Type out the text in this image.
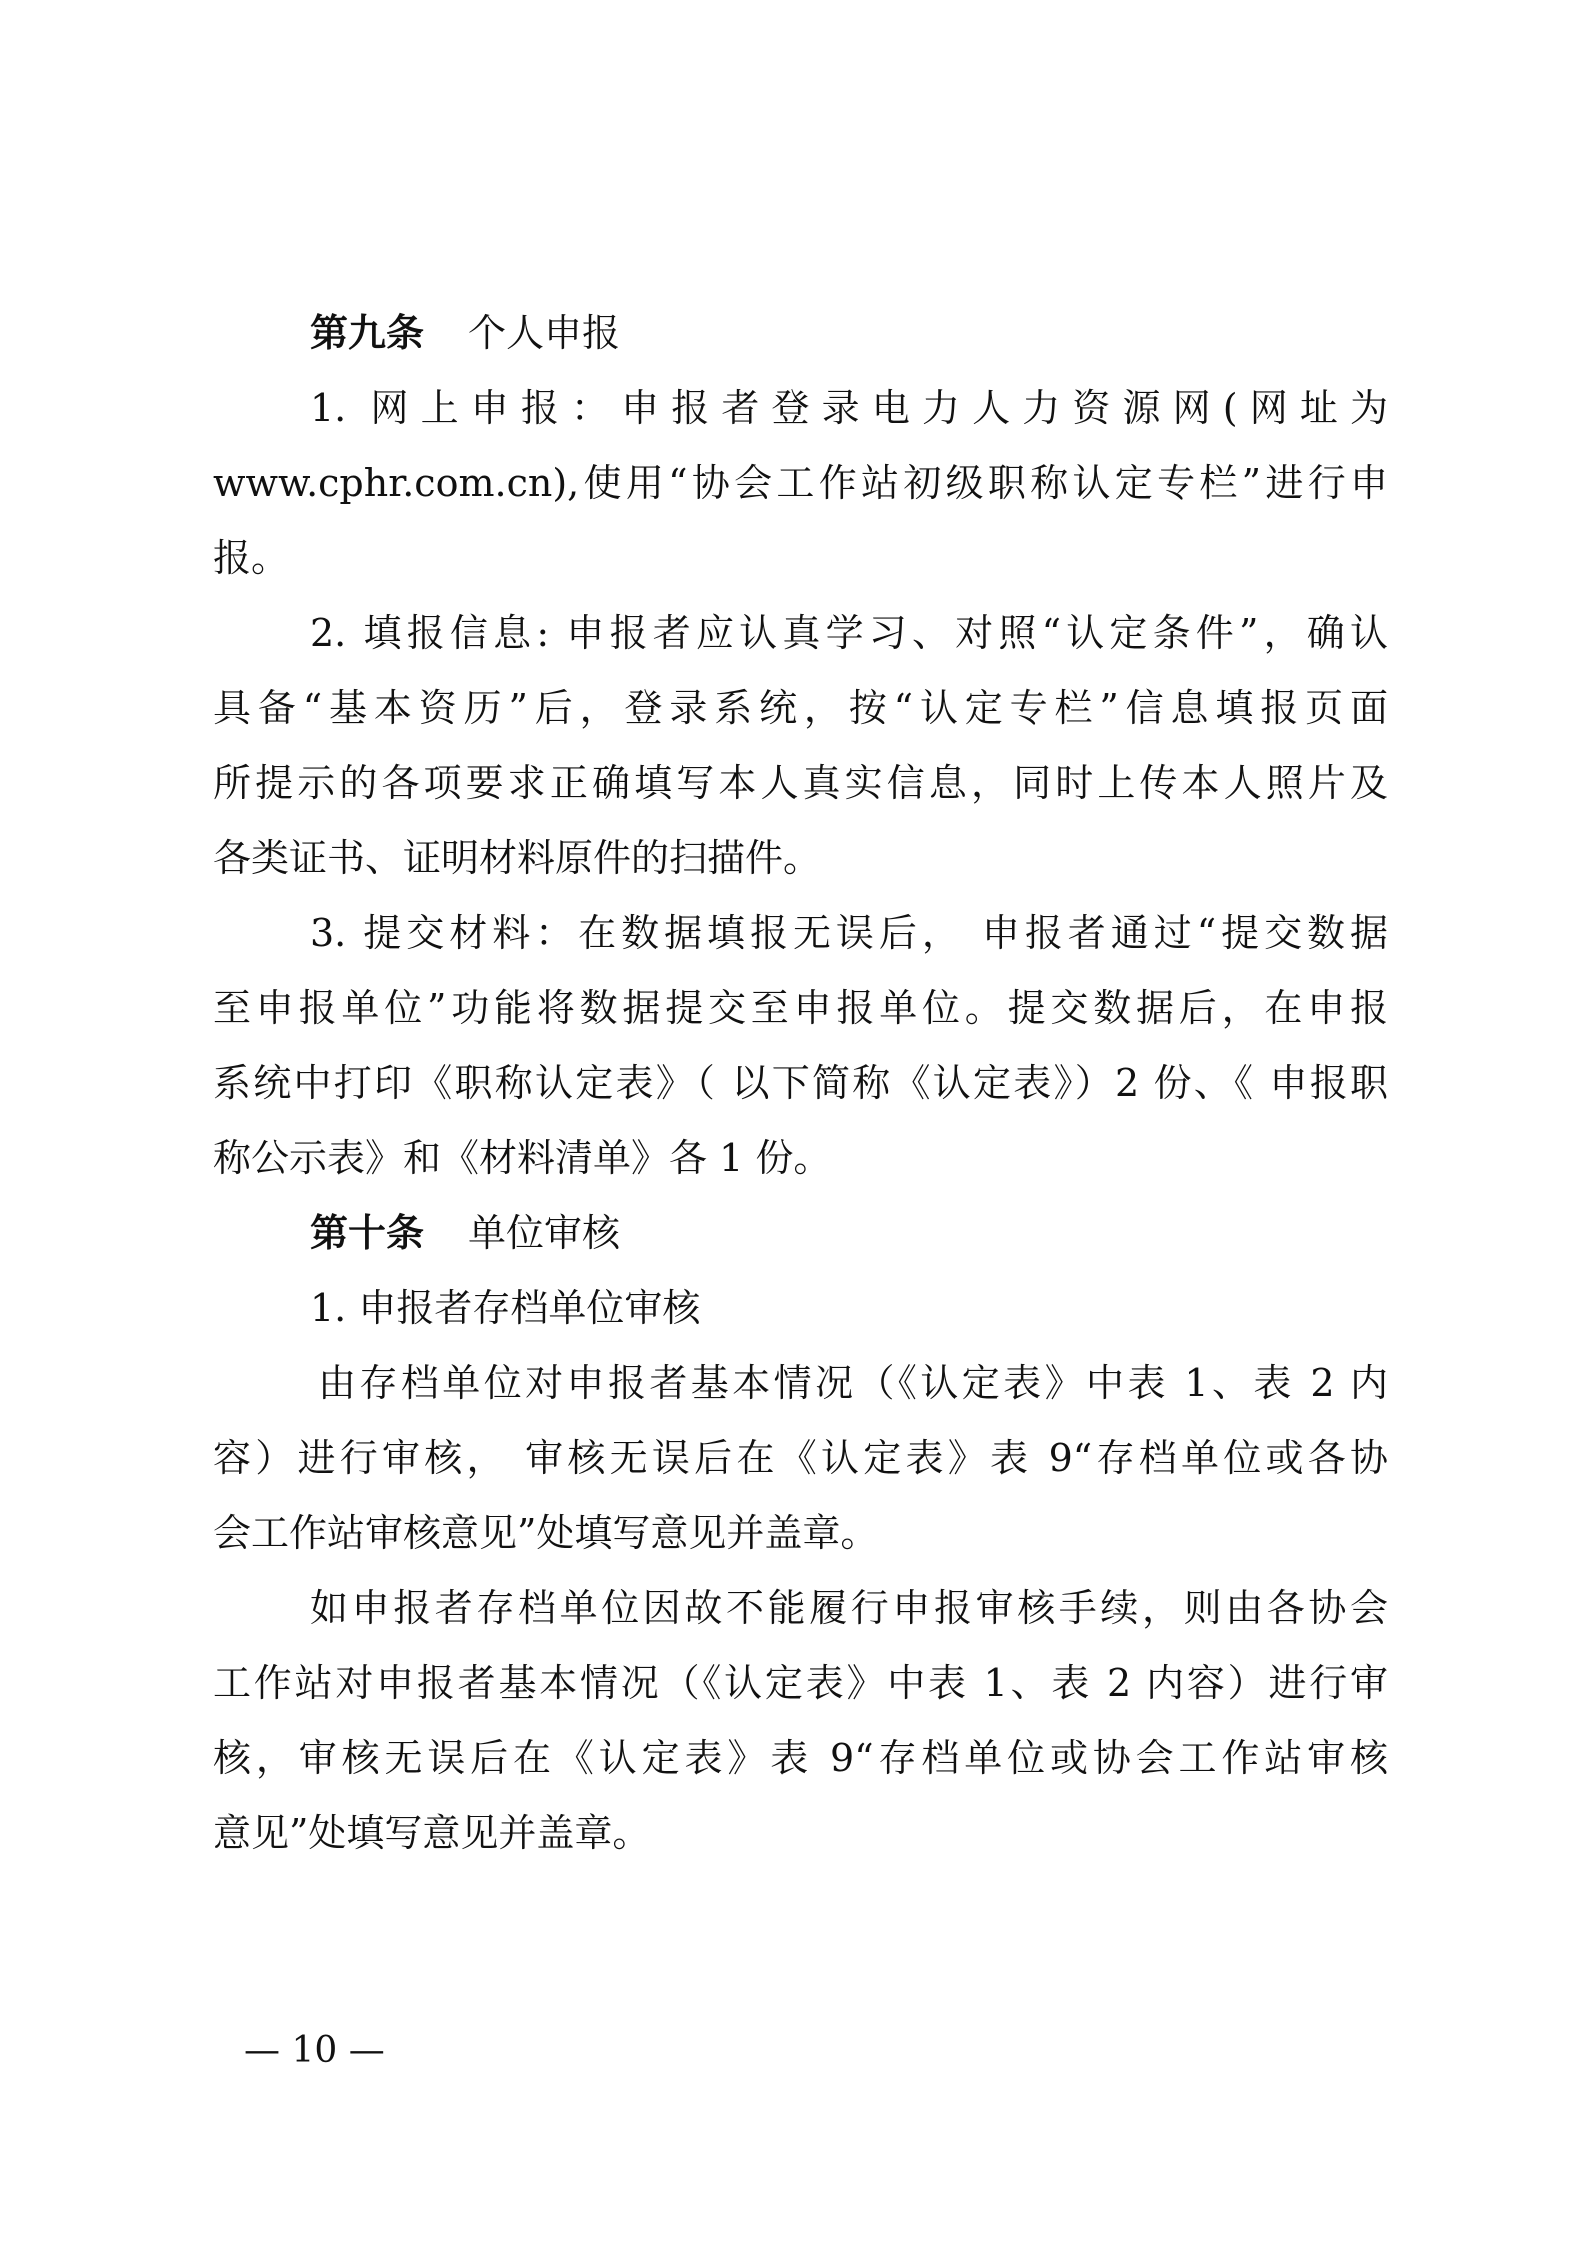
第九条 个人申报
1. 网上申报：申报者登录电力人力资源网(网址为
www.cphr.com.cn),使用“协会工作站初级职称认定专栏”进行申
报。
2. 填报信息: 申报者应认真学习、对照“认定条件”，确认
具备“基本资历”后，登录系统，按“认定专栏”信息填报页面
所提示的各项要求正确填写本人真实信息，同时上传本人照片及
各类证书、证明材料原件的扫描件。
3. 提交材料：在数据填报无误后， 申报者通过“提交数据
至申报单位”功能将数据提交至申报单位。提交数据后，在申报
系统中打印《职称认定表》（ 以下简称《认定表》）2 份、《 申报职
称公示表》和《材料清单》各 1 份。
第十条 单位审核
1. 申报者存档单位审核
由存档单位对申报者基本情况（《认定表》中表 1、表 2 内
容）进行审核， 审核无误后在《认定表》表 9“存档单位或各协
会工作站审核意见”处填写意见并盖章。
如申报者存档单位因故不能履行申报审核手续，则由各协会
工作站对申报者基本情况（《认定表》中表 1、表 2 内容）进行审
核，审核无误后在《认定表》表 9“存档单位或协会工作站审核
意见”处填写意见并盖章。
— 10 —
